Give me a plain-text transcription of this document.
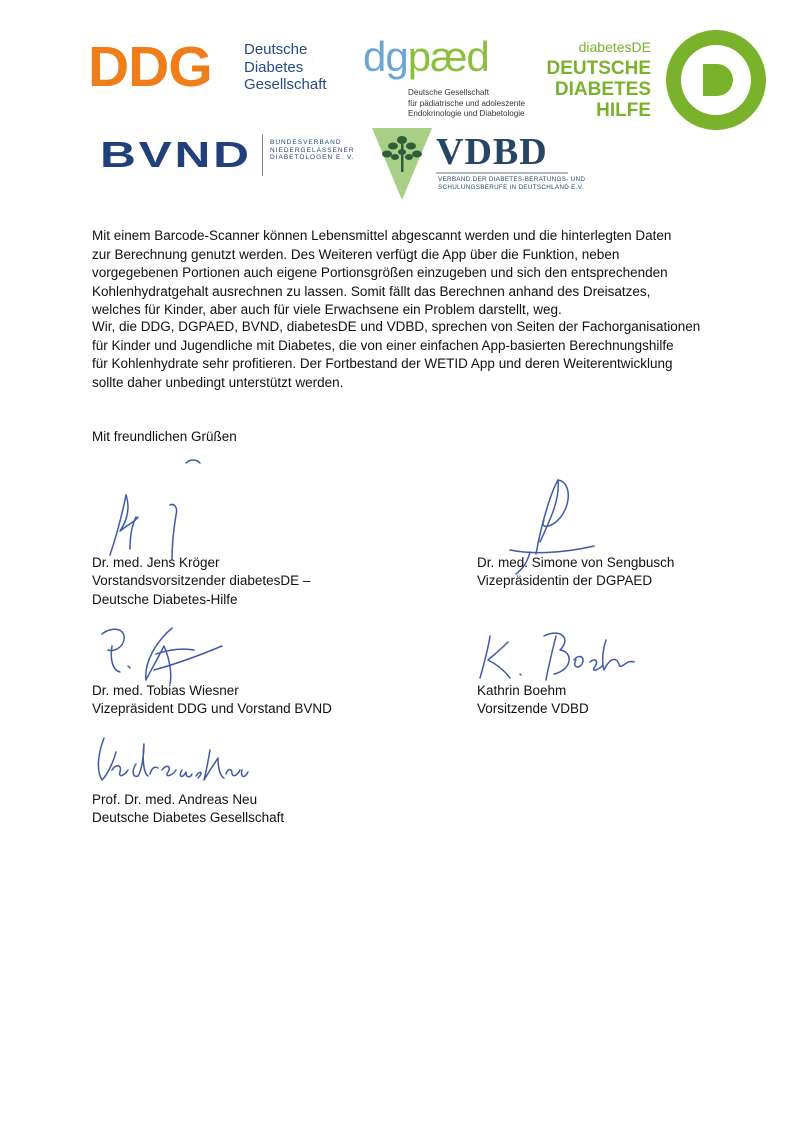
DDG Deutsche
Diabetes
Gesellschaft
dgpæd
Deutsche Gesellschaft
für pädiatrische und adoleszente
Endokrinologie und Diabetologie
diabetesDE
DEUTSCHE
DIABETES
HILFE
BVND	BUNDESVERBAND
NIEDERGELASSENER
DIABETOLOGEN E. V. VDBD
VERBAND DER DIABETES-BERATUNGS- UND
SCHULUNGSBERUFE IN DEUTSCHLAND E.V.
Mit einem Barcode-Scanner können Lebensmittel abgescannt werden und die hinterlegten Daten
zur Berechnung genutzt werden. Des Weiteren verfügt die App über die Funktion, neben
vorgegebenen Portionen auch eigene Portionsgrößen einzugeben und sich den entsprechenden
Kohlenhydratgehalt ausrechnen zu lassen. Somit fällt das Berechnen anhand des Dreisatzes,
welches für Kinder, aber auch für viele Erwachsene ein Problem darstellt, weg.
Wir, die DDG, DGPAED, BVND, diabetesDE und VDBD, sprechen von Seiten der Fachorganisationen
für Kinder und Jugendliche mit Diabetes, die von einer einfachen App-basierten Berechnungshilfe
für Kohlenhydrate sehr profitieren. Der Fortbestand der WETID App und deren Weiterentwicklung
sollte daher unbedingt unterstützt werden.
Mit freundlichen Grüßen
Dr. med. Jens Kröger
Vorstandsvorsitzender diabetesDE –
Deutsche Diabetes-Hilfe
Dr. med. Simone von Sengbusch
Vizepräsidentin der DGPAED
Dr. med. Tobias Wiesner
Vizepräsident DDG und Vorstand BVND
Kathrin Boehm
Vorsitzende VDBD
Prof. Dr. med. Andreas Neu
Deutsche Diabetes Gesellschaft
